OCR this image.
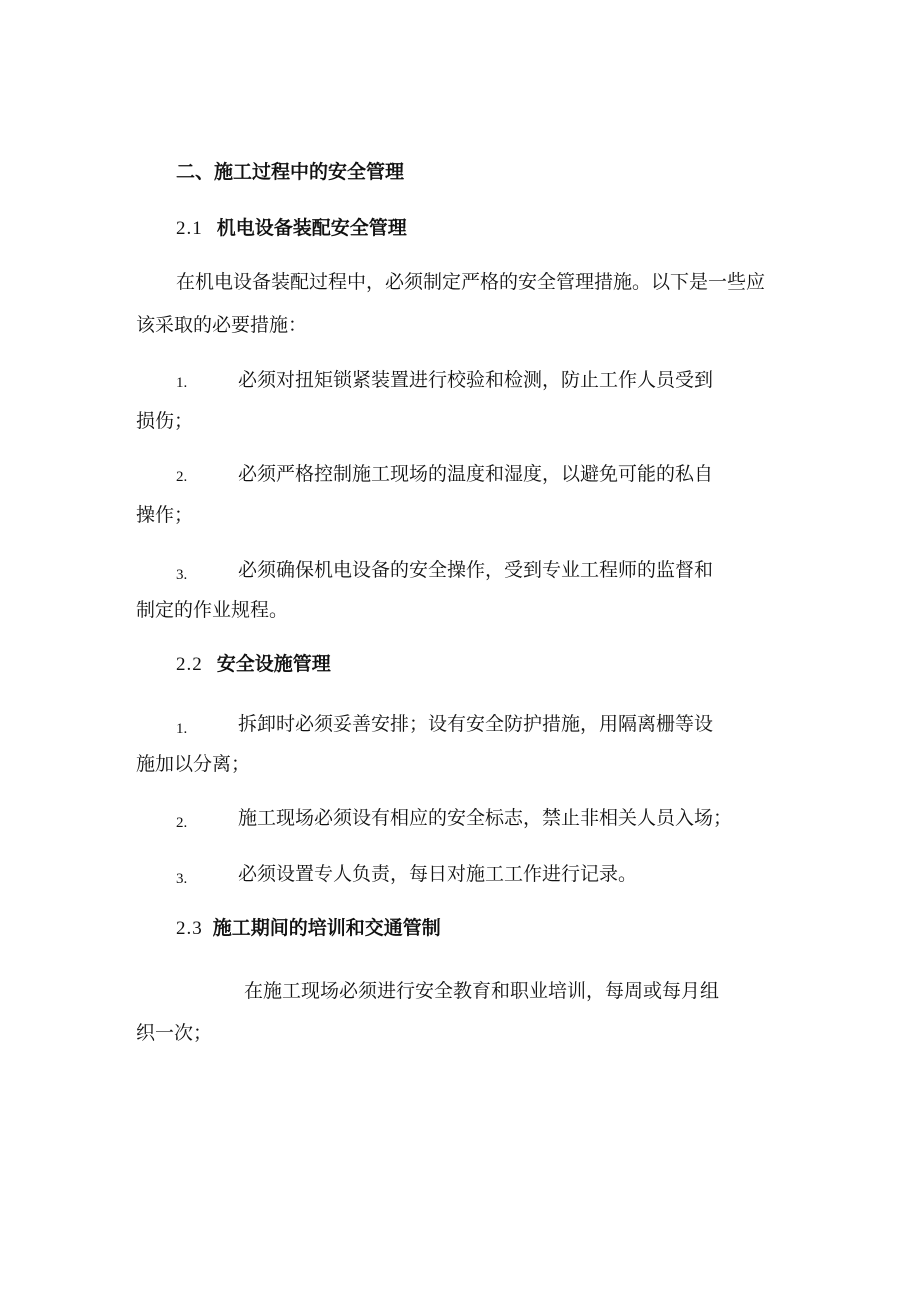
二、施工过程中的安全管理
2.1 机电设备装配安全管理
在机电设备装配过程中，必须制定严格的安全管理措施。以下是一些应
该采取的必要措施：
1.	必须对扭矩锁紧装置进行校验和检测，防止工作人员受到
损伤；
2.	必须严格控制施工现场的温度和湿度，以避免可能的私自
操作；
3.	必须确保机电设备的安全操作，受到专业工程师的监督和
制定的作业规程。
2.2 安全设施管理
1.	拆卸时必须妥善安排；设有安全防护措施，用隔离栅等设
施加以分离；
2.	施工现场必须设有相应的安全标志，禁止非相关人员入场；
3.	必须设置专人负责，每日对施工工作进行记录。
2.3 施工期间的培训和交通管制
在施工现场必须进行安全教育和职业培训，每周或每月组
织一次；
